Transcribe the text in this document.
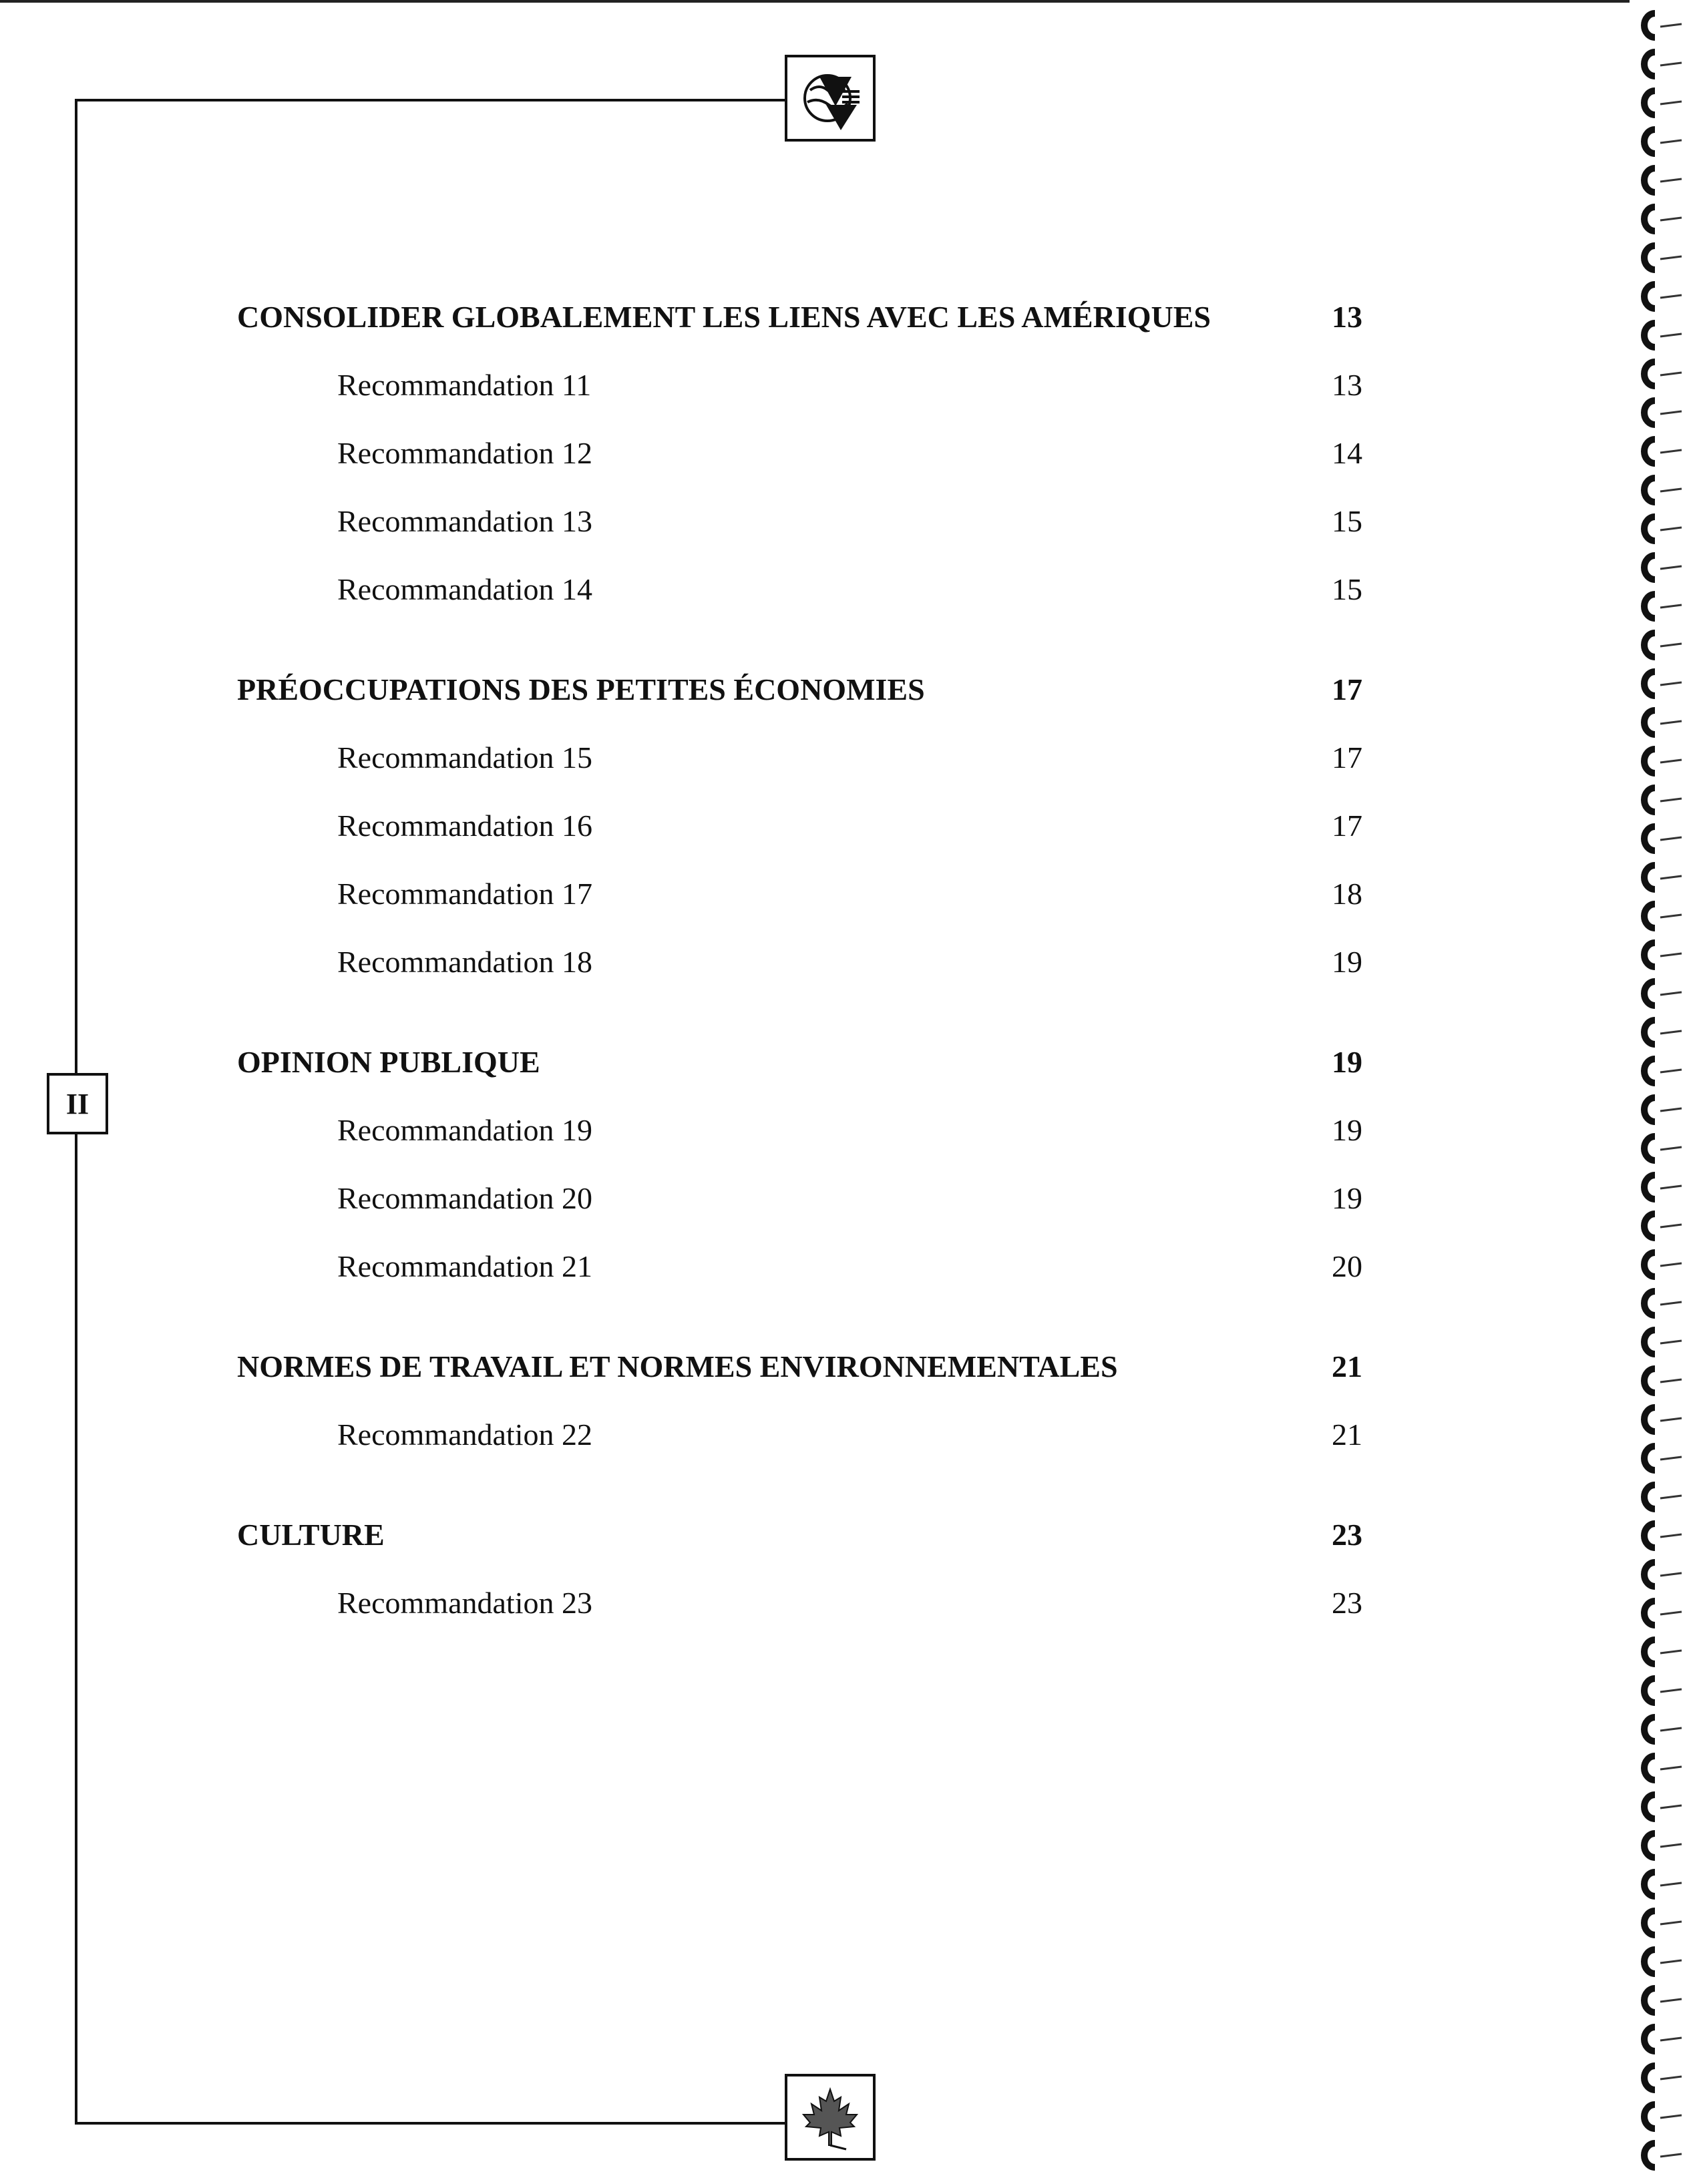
II
CONSOLIDER GLOBALEMENT LES LIENS AVEC LES AMÉRIQUES	13
Recommandation 11	13
Recommandation 12	14
Recommandation 13	15
Recommandation 14	15
PRÉOCCUPATIONS DES PETITES ÉCONOMIES	17
Recommandation 15	17
Recommandation 16	17
Recommandation 17	18
Recommandation 18	19
OPINION PUBLIQUE	19
Recommandation 19	19
Recommandation 20	19
Recommandation 21	20
NORMES DE TRAVAIL ET NORMES ENVIRONNEMENTALES	21
Recommandation 22	21
CULTURE	23
Recommandation 23	23
